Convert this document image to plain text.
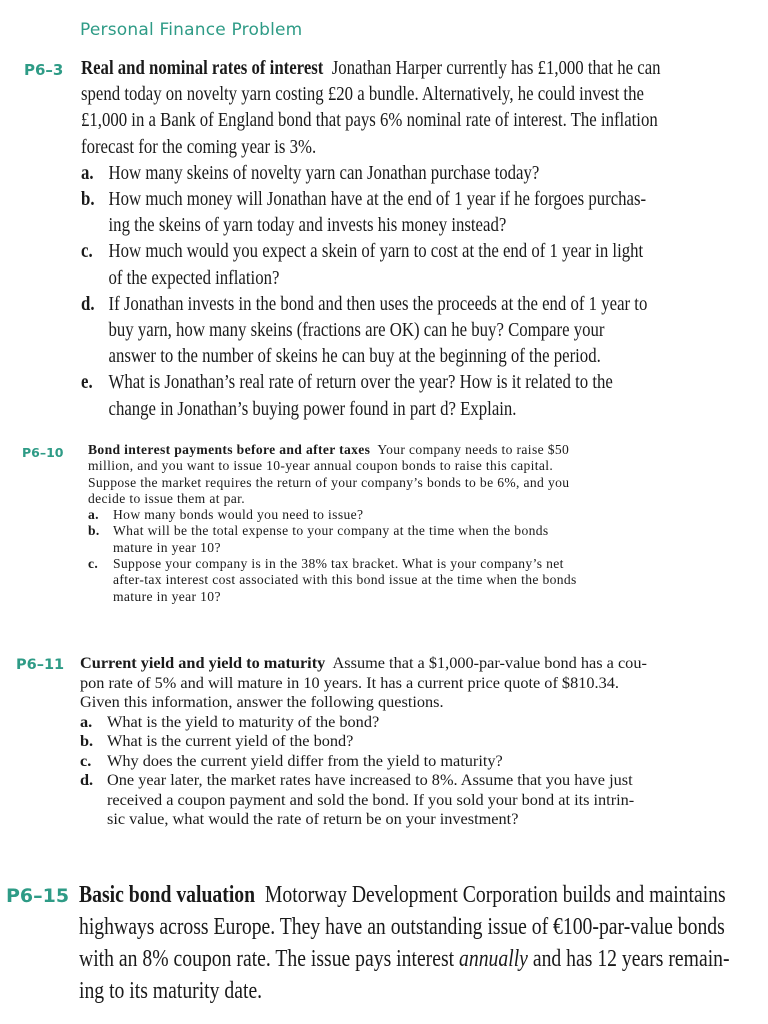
Personal Finance Problem
P6–3 Real and nominal rates of interest Jonathan Harper currently has £1,000 that he can
spend today on novelty yarn costing £20 a bundle. Alternatively, he could invest the
£1,000 in a Bank of England bond that pays 6% nominal rate of interest. The inflation
forecast for the coming year is 3%.
a. How many skeins of novelty yarn can Jonathan purchase today?
b. How much money will Jonathan have at the end of 1 year if he forgoes purchas-
ing the skeins of yarn today and invests his money instead?
c. How much would you expect a skein of yarn to cost at the end of 1 year in light
of the expected inflation?
d. If Jonathan invests in the bond and then uses the proceeds at the end of 1 year to
buy yarn, how many skeins (fractions are OK) can he buy? Compare your
answer to the number of skeins he can buy at the beginning of the period.
e. What is Jonathan’s real rate of return over the year? How is it related to the
change in Jonathan’s buying power found in part d? Explain.
P6–10 Bond interest payments before and after taxes Your company needs to raise $50
million, and you want to issue 10-year annual coupon bonds to raise this capital.
Suppose the market requires the return of your company’s bonds to be 6%, and you
decide to issue them at par.
a. How many bonds would you need to issue?
b. What will be the total expense to your company at the time when the bonds
mature in year 10?
c. Suppose your company is in the 38% tax bracket. What is your company’s net
after-tax interest cost associated with this bond issue at the time when the bonds
mature in year 10?
P6–11 Current yield and yield to maturity Assume that a $1,000-par-value bond has a cou-
pon rate of 5% and will mature in 10 years. It has a current price quote of $810.34.
Given this information, answer the following questions.
a. What is the yield to maturity of the bond?
b. What is the current yield of the bond?
c. Why does the current yield differ from the yield to maturity?
d. One year later, the market rates have increased to 8%. Assume that you have just
received a coupon payment and sold the bond. If you sold your bond at its intrin-
sic value, what would the rate of return be on your investment?
P6–15 Basic bond valuation Motorway Development Corporation builds and maintains
highways across Europe. They have an outstanding issue of €100-par-value bonds
with an 8% coupon rate. The issue pays interest annually and has 12 years remain-
ing to its maturity date.
